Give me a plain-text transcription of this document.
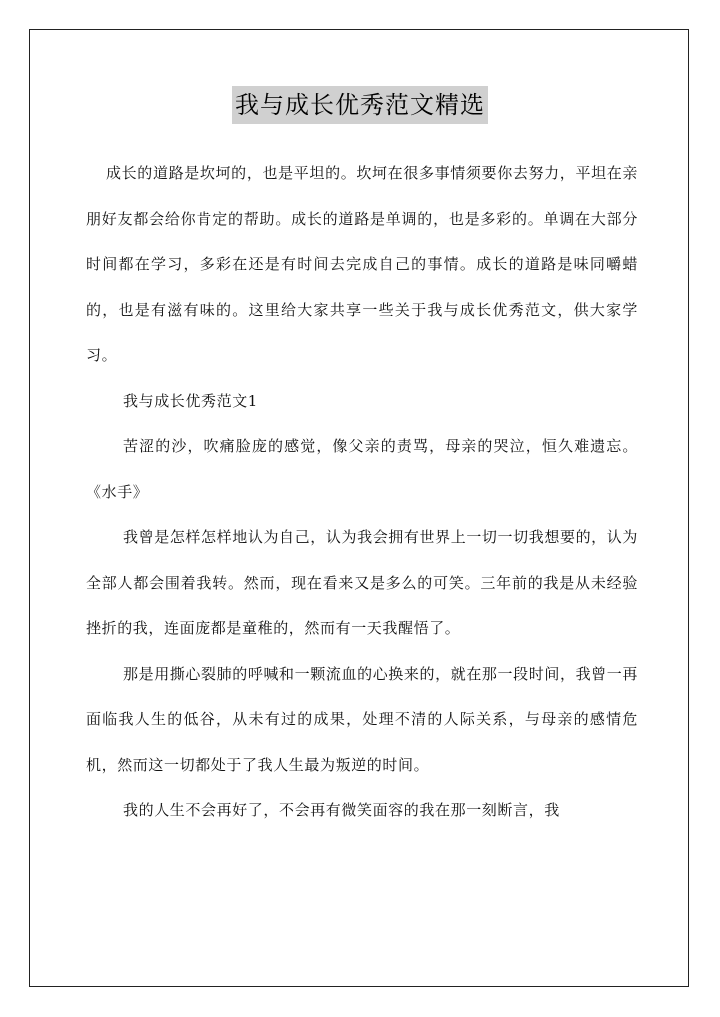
我与成长优秀范文精选

成长的道路是坎坷的，也是平坦的。坎坷在很多事情须要你去努力，平坦在亲朋好友都会给你肯定的帮助。成长的道路是单调的，也是多彩的。单调在大部分时间都在学习，多彩在还是有时间去完成自己的事情。成长的道路是味同嚼蜡的，也是有滋有味的。这里给大家共享一些关于我与成长优秀范文，供大家学习。

我与成长优秀范文1

苦涩的沙，吹痛脸庞的感觉，像父亲的责骂，母亲的哭泣，恒久难遗忘。《水手》

我曾是怎样怎样地认为自己，认为我会拥有世界上一切一切我想要的，认为全部人都会围着我转。然而，现在看来又是多么的可笑。三年前的我是从未经验挫折的我，连面庞都是童稚的，然而有一天我醒悟了。

那是用撕心裂肺的呼喊和一颗流血的心换来的，就在那一段时间，我曾一再面临我人生的低谷，从未有过的成果，处理不清的人际关系，与母亲的感情危机，然而这一切都处于了我人生最为叛逆的时间。

我的人生不会再好了，不会再有微笑面容的我在那一刻断言，我
